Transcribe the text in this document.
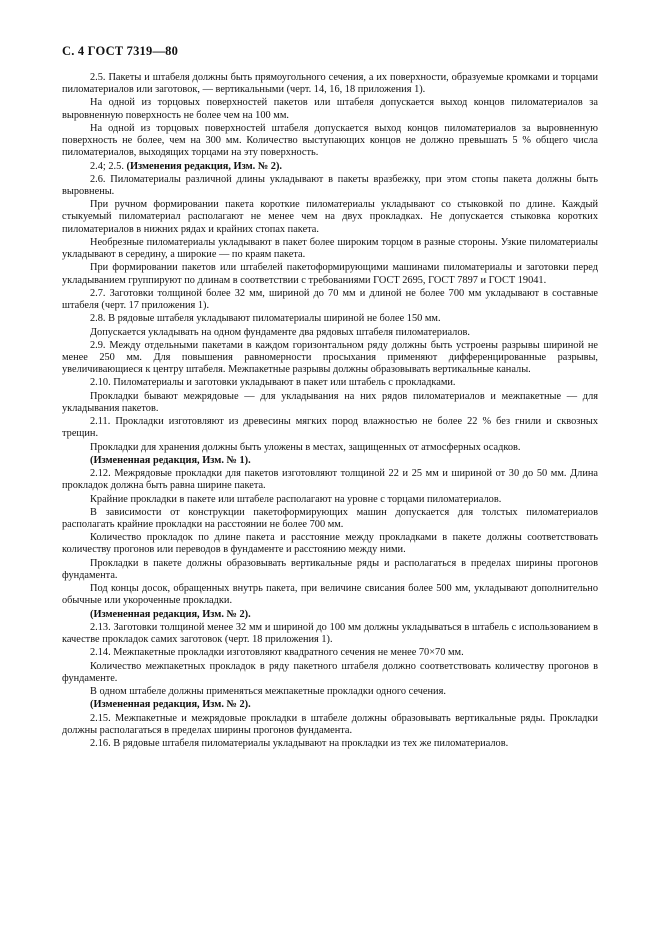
С. 4 ГОСТ 7319—80

2.5. Пакеты и штабеля должны быть прямоугольного сечения, а их поверхности, образуемые кромками и торцами пиломатериалов или заготовок, — вертикальными (черт. 14, 16, 18 приложения 1).

На одной из торцовых поверхностей пакетов или штабеля допускается выход концов пиломатериалов за выровненную поверхность не более чем на 100 мм.

На одной из торцовых поверхностей штабеля допускается выход концов пиломатериалов за выровненную поверхность не более, чем на 300 мм. Количество выступающих концов не должно превышать 5 % общего числа пиломатериалов, выходящих торцами на эту поверхность.

2.4; 2.5. (Изменения редакция, Изм. № 2).

2.6. Пиломатериалы различной длины укладывают в пакеты вразбежку, при этом стопы пакета должны быть выровнены.

При ручном формировании пакета короткие пиломатериалы укладывают со стыковкой по длине. Каждый стыкуемый пиломатериал располагают не менее чем на двух прокладках. Не допускается стыковка коротких пиломатериалов в нижних рядах и крайних стопах пакета.

Необрезные пиломатериалы укладывают в пакет более широким торцом в разные стороны. Узкие пиломатериалы укладывают в середину, а широкие — по краям пакета.

При формировании пакетов или штабелей пакетоформирующими машинами пиломатериалы и заготовки перед укладыванием группируют по длинам в соответствии с требованиями ГОСТ 2695, ГОСТ 7897 и ГОСТ 19041.

2.7. Заготовки толщиной более 32 мм, шириной до 70 мм и длиной не более 700 мм укладывают в составные штабеля (черт. 17 приложения 1).

2.8. В рядовые штабеля укладывают пиломатериалы шириной не более 150 мм.

Допускается укладывать на одном фундаменте два рядовых штабеля пиломатериалов.

2.9. Между отдельными пакетами в каждом горизонтальном ряду должны быть устроены разрывы шириной не менее 250 мм. Для повышения равномерности просыхания применяют дифференцированные разрывы, увеличивающиеся к центру штабеля. Межпакетные разрывы должны образовывать вертикальные каналы.

2.10. Пиломатериалы и заготовки укладывают в пакет или штабель с прокладками.

Прокладки бывают межрядовые — для укладывания на них рядов пиломатериалов и межпакетные — для укладывания пакетов.

2.11. Прокладки изготовляют из древесины мягких пород влажностью не более 22 % без гнили и сквозных трещин.

Прокладки для хранения должны быть уложены в местах, защищенных от атмосферных осадков.

(Измененная редакция, Изм. № 1).

2.12. Межрядовые прокладки для пакетов изготовляют толщиной 22 и 25 мм и шириной от 30 до 50 мм. Длина прокладок должна быть равна ширине пакета.

Крайние прокладки в пакете или штабеле располагают на уровне с торцами пиломатериалов.

В зависимости от конструкции пакетоформирующих машин допускается для толстых пиломатериалов располагать крайние прокладки на расстоянии не более 700 мм.

Количество прокладок по длине пакета и расстояние между прокладками в пакете должны соответствовать количеству прогонов или переводов в фундаменте и расстоянию между ними.

Прокладки в пакете должны образовывать вертикальные ряды и располагаться в пределах ширины прогонов фундамента.

Под концы досок, обращенных внутрь пакета, при величине свисания более 500 мм, укладывают дополнительно обычные или укороченные прокладки.

(Измененная редакция, Изм. № 2).

2.13. Заготовки толщиной менее 32 мм и шириной до 100 мм должны укладываться в штабель с использованием в качестве прокладок самих заготовок (черт. 18 приложения 1).

2.14. Межпакетные прокладки изготовляют квадратного сечения не менее 70×70 мм.

Количество межпакетных прокладок в ряду пакетного штабеля должно соответствовать количеству прогонов в фундаменте.

В одном штабеле должны применяться межпакетные прокладки одного сечения.

(Измененная редакция, Изм. № 2).

2.15. Межпакетные и межрядовые прокладки в штабеле должны образовывать вертикальные ряды. Прокладки должны располагаться в пределах ширины прогонов фундамента.

2.16. В рядовые штабеля пиломатериалы укладывают на прокладки из тех же пиломатериалов.
